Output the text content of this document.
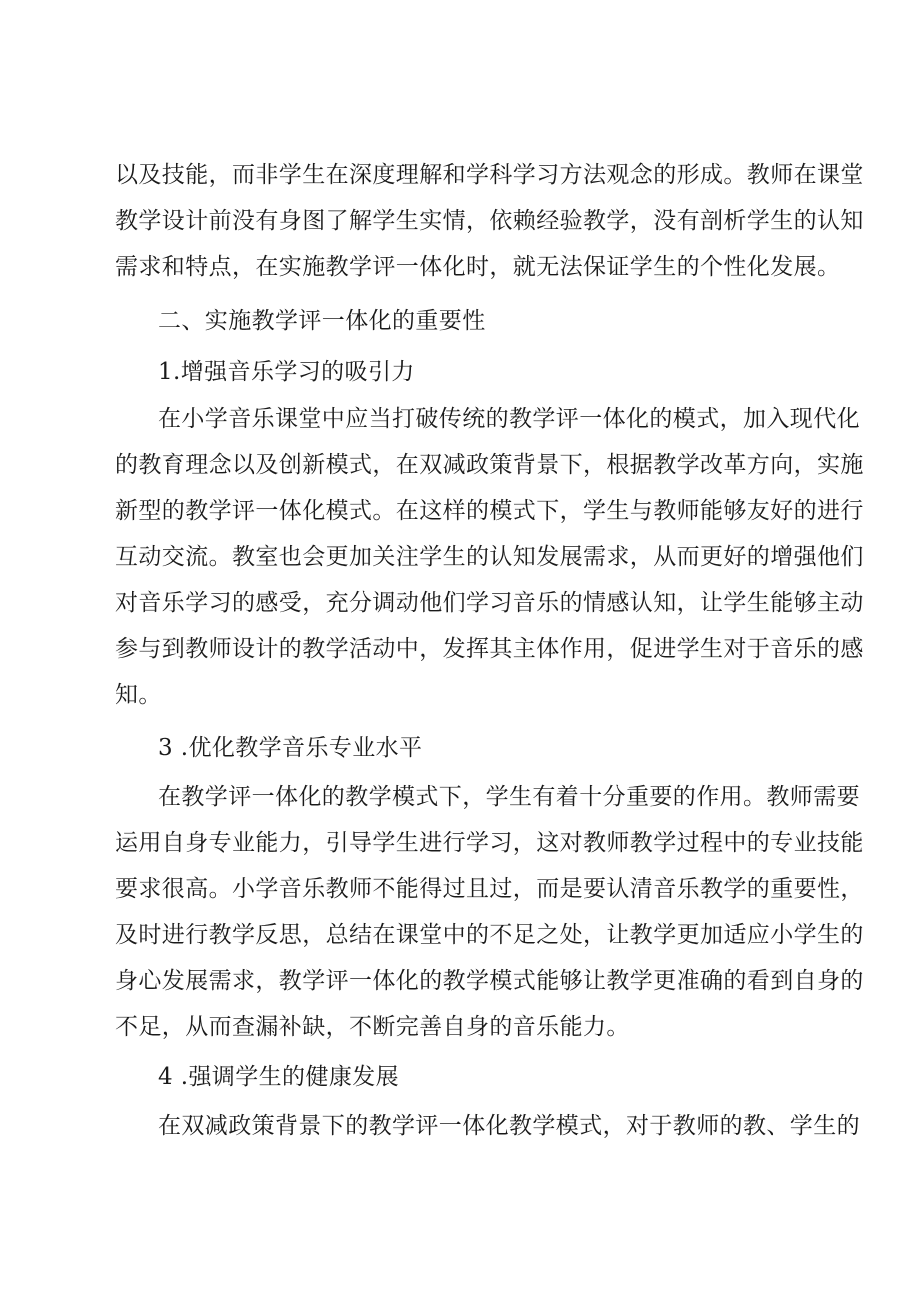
以及技能，而非学生在深度理解和学科学习方法观念的形成。教师在课堂
教学设计前没有身图了解学生实情，依赖经验教学，没有剖析学生的认知
需求和特点，在实施教学评一体化时，就无法保证学生的个性化发展。
二、实施教学评一体化的重要性
1.增强音乐学习的吸引力
在小学音乐课堂中应当打破传统的教学评一体化的模式，加入现代化
的教育理念以及创新模式，在双减政策背景下，根据教学改革方向，实施
新型的教学评一体化模式。在这样的模式下，学生与教师能够友好的进行
互动交流。教室也会更加关注学生的认知发展需求，从而更好的增强他们
对音乐学习的感受，充分调动他们学习音乐的情感认知，让学生能够主动
参与到教师设计的教学活动中，发挥其主体作用，促进学生对于音乐的感
知。
3 .优化教学音乐专业水平
在教学评一体化的教学模式下，学生有着十分重要的作用。教师需要
运用自身专业能力，引导学生进行学习，这对教师教学过程中的专业技能
要求很高。小学音乐教师不能得过且过，而是要认清音乐教学的重要性，
及时进行教学反思，总结在课堂中的不足之处，让教学更加适应小学生的
身心发展需求，教学评一体化的教学模式能够让教学更准确的看到自身的
不足，从而查漏补缺，不断完善自身的音乐能力。
4 .强调学生的健康发展
在双减政策背景下的教学评一体化教学模式，对于教师的教、学生的
